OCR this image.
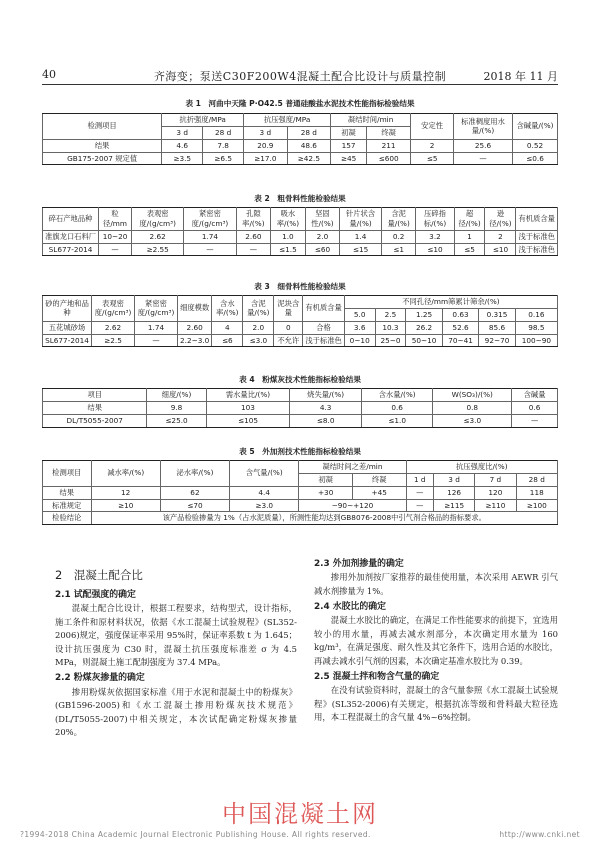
40	齐海变；泵送C30F200W4混凝土配合比设计与质量控制	2018 年 11 月
表 1　河曲中天隆 P·O42.5 普通硅酸盐水泥技术性能指标检验结果
检测项目	抗折强度/MPa		抗压强度/MPa		凝结时间/min		安定性	标准稠度用水量/(%)	含碱量/(%)
	3 d	28 d	3 d	28 d	初凝	终凝			
结果	4.6	7.8	20.9	48.6	157	211	2	25.6	0.52
GB175-2007 规定值	≥3.5	≥6.5	≥17.0	≥42.5	≥45	≤600	≤5	—	≤0.6
表 2　粗骨料性能检验结果
碎石产地品种	粒径/mm	表观密度/(g/cm³)	紧密密度/(g/cm³)	孔隙率/(%)	吸水率/(%)	坚固性/(%)	针片状含量/(%)	含泥量/(%)	压碎指标/(%)	超径/(%)	逊径/(%)	有机质含量
准旗龙口石料厂	10~20	2.62	1.74	2.60	1.0	2.0	1.4	0.2	3.2	1	2	浅于标准色
SL677-2014	—	≥2.55	—	—	≤1.5	≤60	≤15	≤1	≤10	≤5	≤10	浅于标准色
表 3　细骨料性能检验结果
砂的产地和品种	表观密度/(g/cm³)	紧密密度/(g/cm³)	细度模数	含水率/(%)	含泥量/(%)	泥块含量	有机质含量	不同孔径/mm筛累计筛余/(%)					
								5.0	2.5	1.25	0.63	0.315	0.16
五花城砂场	2.62	1.74	2.60	4	2.0	0	合格	3.6	10.3	26.2	52.6	85.6	98.5
SL677-2014	≥2.5	—	2.2~3.0	≤6	≤3.0	不允许	浅于标准色	0~10	25~0	50~10	70~41	92~70	100~90
表 4　粉煤灰技术性能指标检验结果
项目	细度/(%)	需水量比/(%)	烧失量/(%)	含水量/(%)	W(SO₃)/(%)	含碱量
结果	9.8	103	4.3	0.6	0.8	0.6
DL/T5055-2007	≤25.0	≤105	≤8.0	≤1.0	≤3.0	—
表 5　外加剂技术性能指标检验结果
检测项目	减水率/(%)	泌水率/(%)	含气量/(%)	凝结时间之差/min		抗压强度比/(%)			
				初凝	终凝	1 d	3 d	7 d	28 d
结果	12	62	4.4	+30	+45	—	126	120	118
标准规定	≥10	≤70	≥3.0	−90~+120		—	≥115	≥110	≥100
检验结论	该产品检验掺量为 1%（占水泥质量），所测性能均达到GB8076-2008中引气剂合格品的指标要求。								
2　混凝土配合比
2.1 试配强度的确定

混凝土配合比设计，根据工程要求，结构型式，设计指标，施工条件和原材料状况，依据《水工混凝土试验规程》(SL352-2006)规定，强度保证率采用 95%时，保证率系数 t 为 1.645；设计抗压强度为 C30 时，混凝土抗压强度标准差 σ 为 4.5 MPa，则混凝土施工配制强度为 37.4 MPa。

2.2 粉煤灰掺量的确定

掺用粉煤灰依据国家标准《用于水泥和混凝土中的粉煤灰》(GB1596-2005)和《水工混凝土掺用粉煤灰技术规范》(DL/T5055-2007)中相关规定，本次试配确定粉煤灰掺量 20%。

2.3 外加剂掺量的确定

掺用外加剂按厂家推荐的最佳使用量，本次采用 AEWR 引气减水剂掺量为 1%。

2.4 水胶比的确定

混凝土水胶比的确定，在满足工作性能要求的前提下，宜选用较小的用水量，再减去减水剂部分，本次确定用水量为 160 kg/m³，在满足强度、耐久性及其它条件下，选用合适的水胶比，再减去减水引气剂的因素，本次确定基准水胶比为 0.39。

2.5 混凝土拌和物含气量的确定

在没有试验资料时，混凝土的含气量参照《水工混凝土试验规程》(SL352-2006)有关规定，根据抗冻等级和骨料最大粒径选用，本工程混凝土的含气量 4%~6%控制。

中国混凝土网
?1994-2018 China Academic Journal Electronic Publishing House. All rights reserved.	http://www.cnki.net
